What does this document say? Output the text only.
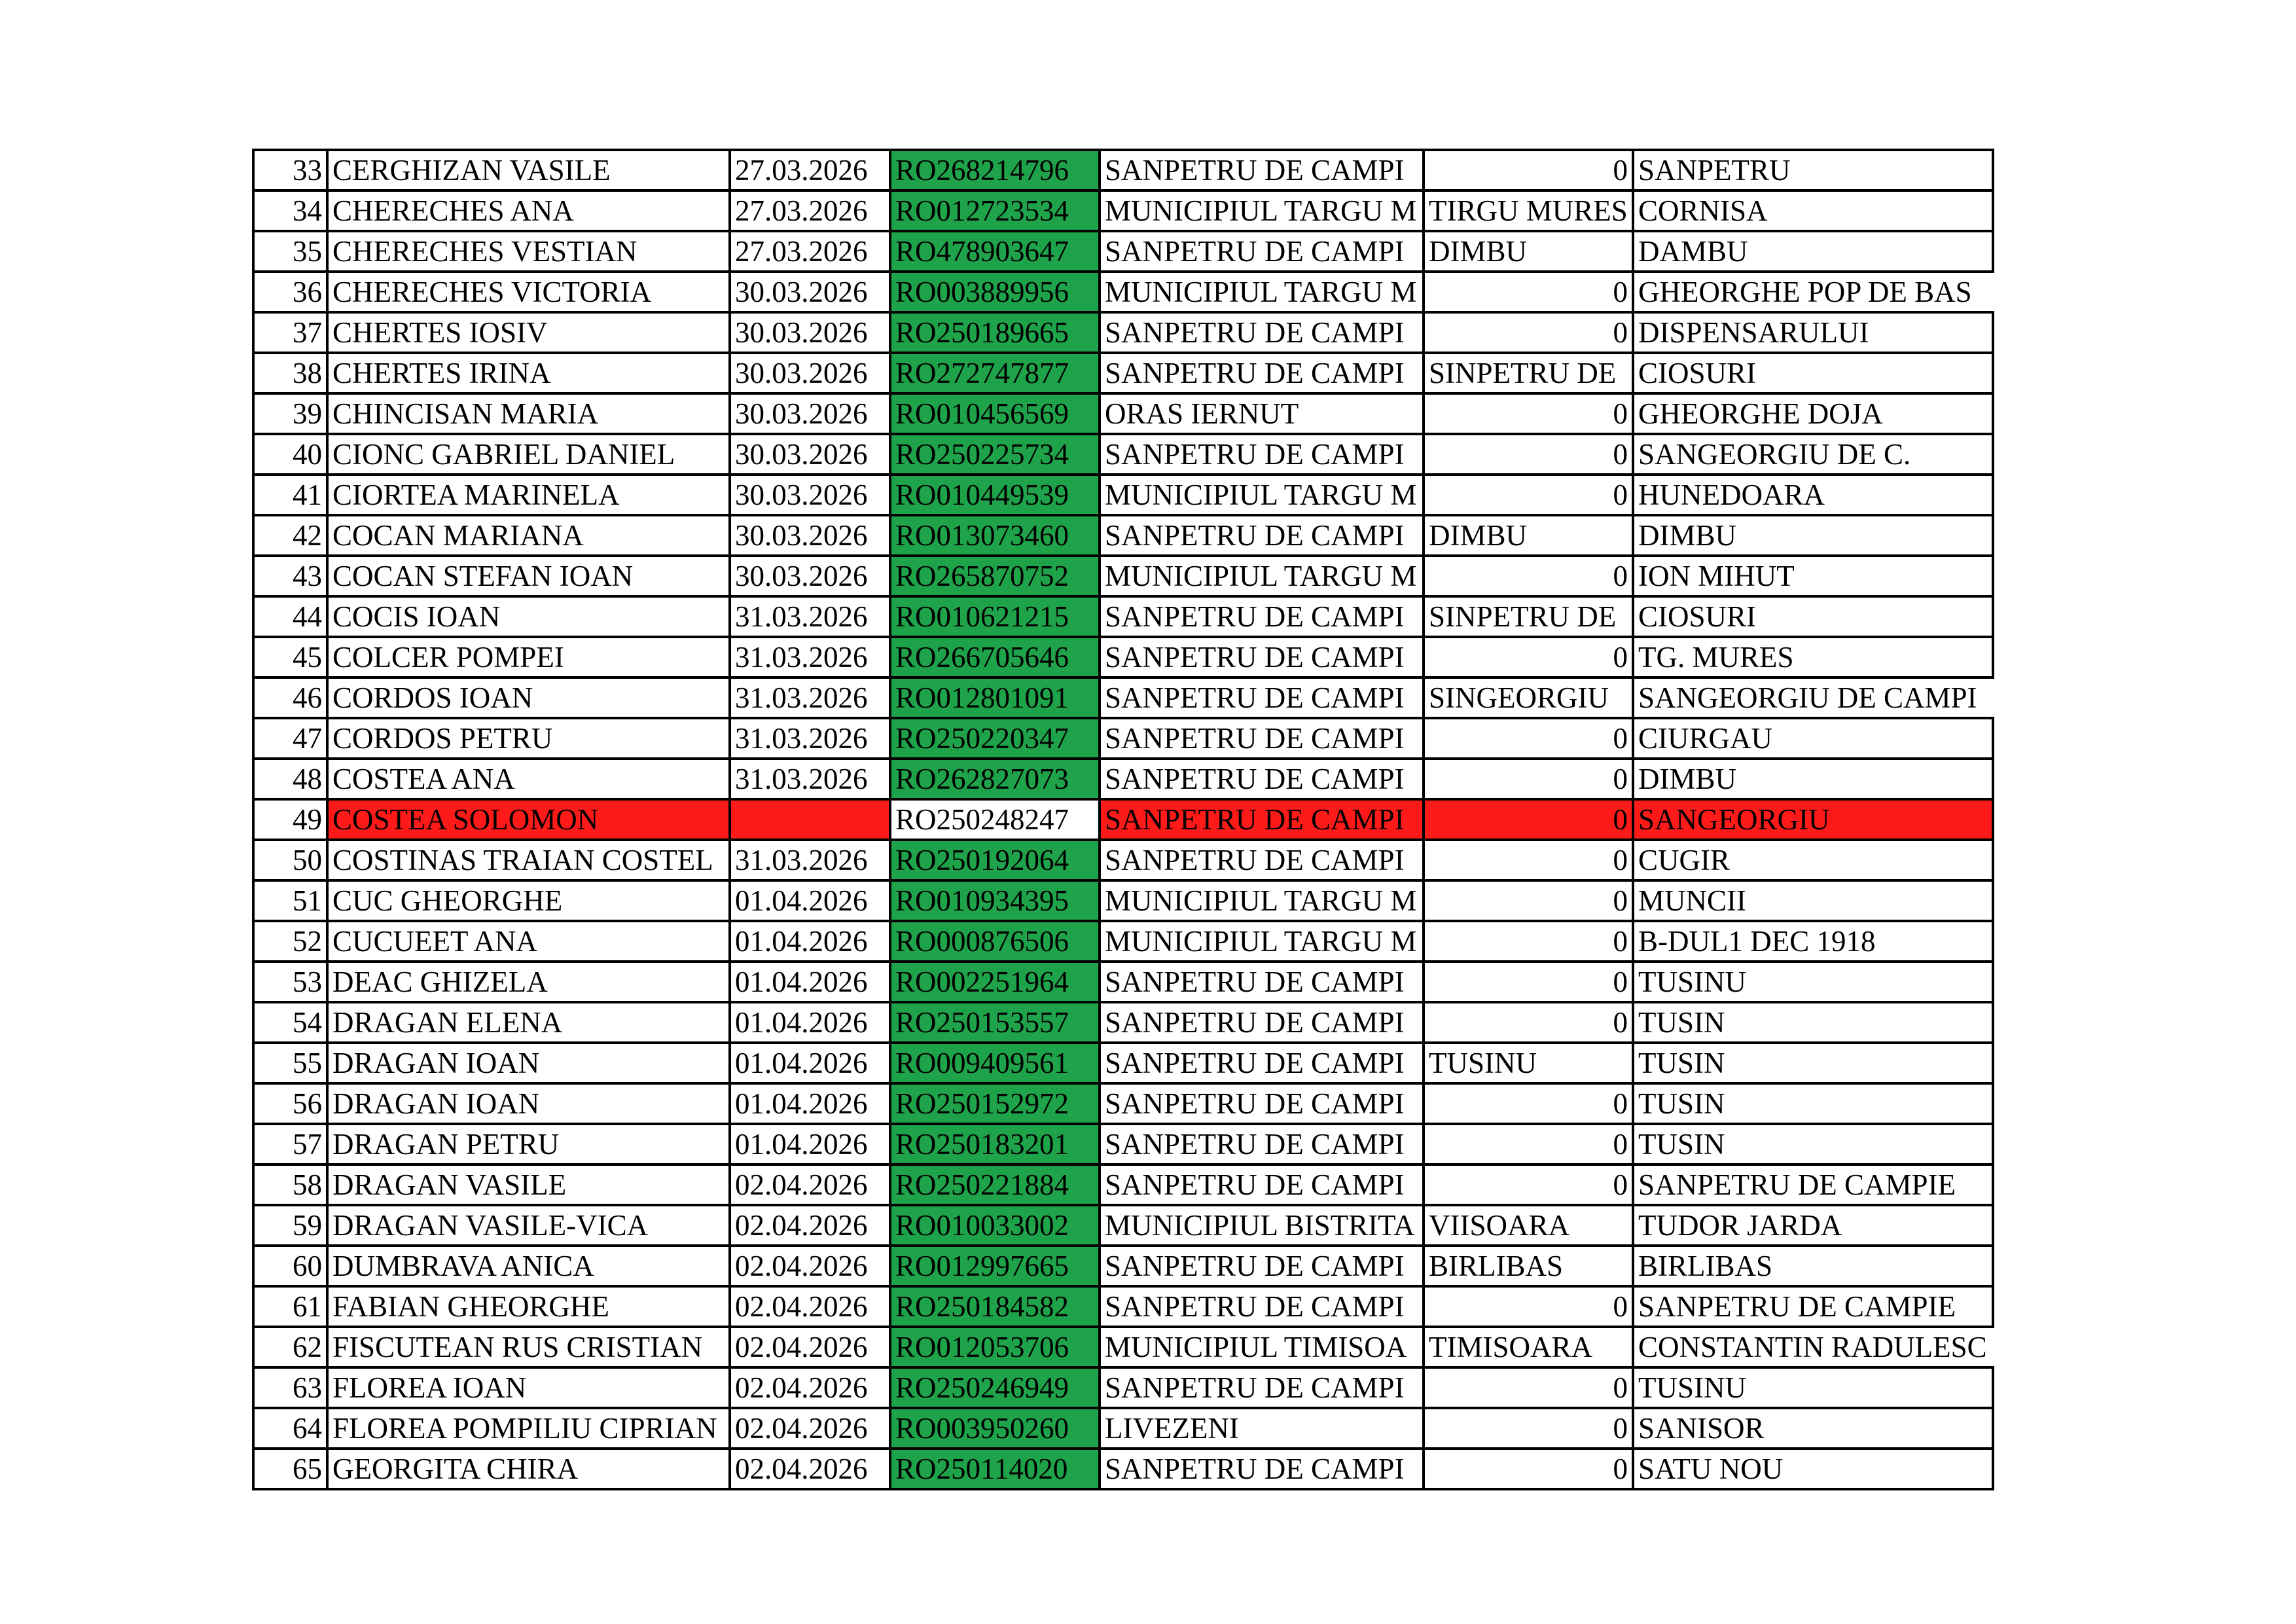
33	CERGHIZAN VASILE	27.03.2026	RO268214796	SANPETRU DE CAMPI	0	SANPETRU
34	CHERECHES ANA	27.03.2026	RO012723534	MUNICIPIUL TARGU M	TIRGU MURES	CORNISA
35	CHERECHES VESTIAN	27.03.2026	RO478903647	SANPETRU DE CAMPI	DIMBU	DAMBU
36	CHERECHES VICTORIA	30.03.2026	RO003889956	MUNICIPIUL TARGU M	0	GHEORGHE POP DE BAS
37	CHERTES IOSIV	30.03.2026	RO250189665	SANPETRU DE CAMPI	0	DISPENSARULUI
38	CHERTES IRINA	30.03.2026	RO272747877	SANPETRU DE CAMPI	SINPETRU DE	CIOSURI
39	CHINCISAN MARIA	30.03.2026	RO010456569	ORAS IERNUT	0	GHEORGHE DOJA
40	CIONC GABRIEL DANIEL	30.03.2026	RO250225734	SANPETRU DE CAMPI	0	SANGEORGIU DE C.
41	CIORTEA MARINELA	30.03.2026	RO010449539	MUNICIPIUL TARGU M	0	HUNEDOARA
42	COCAN MARIANA	30.03.2026	RO013073460	SANPETRU DE CAMPI	DIMBU	DIMBU
43	COCAN STEFAN IOAN	30.03.2026	RO265870752	MUNICIPIUL TARGU M	0	ION MIHUT
44	COCIS IOAN	31.03.2026	RO010621215	SANPETRU DE CAMPI	SINPETRU DE	CIOSURI
45	COLCER POMPEI	31.03.2026	RO266705646	SANPETRU DE CAMPI	0	TG. MURES
46	CORDOS IOAN	31.03.2026	RO012801091	SANPETRU DE CAMPI	SINGEORGIU	SANGEORGIU DE CAMPI
47	CORDOS PETRU	31.03.2026	RO250220347	SANPETRU DE CAMPI	0	CIURGAU
48	COSTEA ANA	31.03.2026	RO262827073	SANPETRU DE CAMPI	0	DIMBU
49	COSTEA SOLOMON		RO250248247	SANPETRU DE CAMPI	0	SANGEORGIU
50	COSTINAS TRAIAN COSTEL	31.03.2026	RO250192064	SANPETRU DE CAMPI	0	CUGIR
51	CUC GHEORGHE	01.04.2026	RO010934395	MUNICIPIUL TARGU M	0	MUNCII
52	CUCUEET ANA	01.04.2026	RO000876506	MUNICIPIUL TARGU M	0	B-DUL1 DEC 1918
53	DEAC GHIZELA	01.04.2026	RO002251964	SANPETRU DE CAMPI	0	TUSINU
54	DRAGAN ELENA	01.04.2026	RO250153557	SANPETRU DE CAMPI	0	TUSIN
55	DRAGAN IOAN	01.04.2026	RO009409561	SANPETRU DE CAMPI	TUSINU	TUSIN
56	DRAGAN IOAN	01.04.2026	RO250152972	SANPETRU DE CAMPI	0	TUSIN
57	DRAGAN PETRU	01.04.2026	RO250183201	SANPETRU DE CAMPI	0	TUSIN
58	DRAGAN VASILE	02.04.2026	RO250221884	SANPETRU DE CAMPI	0	SANPETRU DE CAMPIE
59	DRAGAN VASILE-VICA	02.04.2026	RO010033002	MUNICIPIUL BISTRITA	VIISOARA	TUDOR JARDA
60	DUMBRAVA ANICA	02.04.2026	RO012997665	SANPETRU DE CAMPI	BIRLIBAS	BIRLIBAS
61	FABIAN GHEORGHE	02.04.2026	RO250184582	SANPETRU DE CAMPI	0	SANPETRU DE CAMPIE
62	FISCUTEAN RUS CRISTIAN	02.04.2026	RO012053706	MUNICIPIUL TIMISOA	TIMISOARA	CONSTANTIN RADULESC
63	FLOREA IOAN	02.04.2026	RO250246949	SANPETRU DE CAMPI	0	TUSINU
64	FLOREA POMPILIU CIPRIAN	02.04.2026	RO003950260	LIVEZENI	0	SANISOR
65	GEORGITA CHIRA	02.04.2026	RO250114020	SANPETRU DE CAMPI	0	SATU NOU
